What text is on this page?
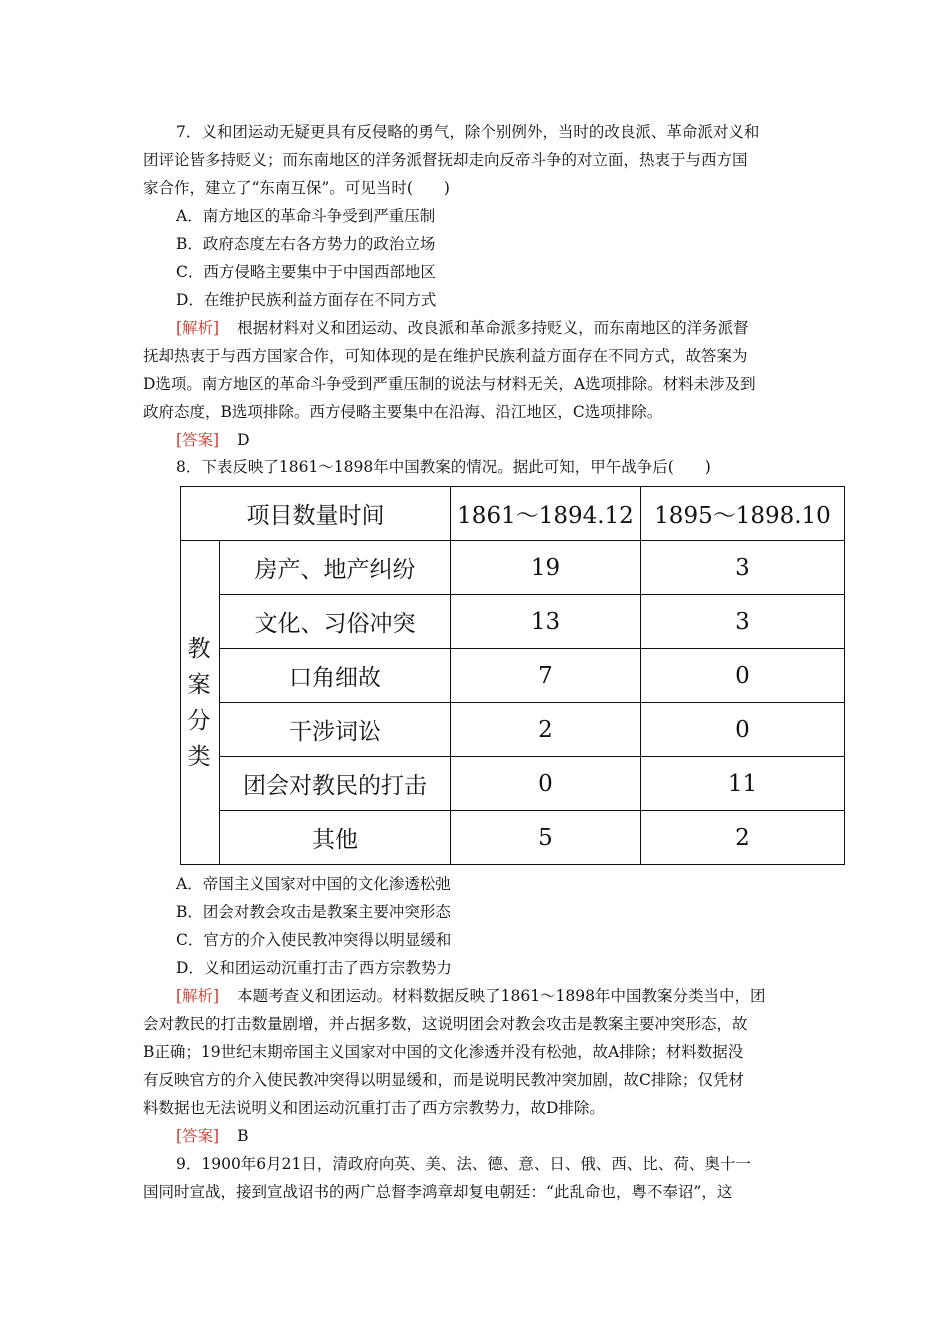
7．义和团运动无疑更具有反侵略的勇气，除个别例外，当时的改良派、革命派对义和
团评论皆多持贬义；而东南地区的洋务派督抚却走向反帝斗争的对立面，热衷于与西方国
家合作，建立了“东南互保”。可见当时(　　)
A．南方地区的革命斗争受到严重压制
B．政府态度左右各方势力的政治立场
C．西方侵略主要集中于中国西部地区
D．在维护民族利益方面存在不同方式
[解析] 根据材料对义和团运动、改良派和革命派多持贬义，而东南地区的洋务派督
抚却热衷于与西方国家合作，可知体现的是在维护民族利益方面存在不同方式，故答案为
D选项。南方地区的革命斗争受到严重压制的说法与材料无关，A选项排除。材料未涉及到
政府态度，B选项排除。西方侵略主要集中在沿海、沿江地区，C选项排除。
[答案] D
8．下表反映了1861～1898年中国教案的情况。据此可知，甲午战争后(　　)
项目数量时间		1861～1894.12	1895～1898.10

教
案
分
类	房产、地产纠纷	19	3
	文化、习俗冲突	13	3
	口角细故	7	0
	干涉词讼	2	0
	团会对教民的打击	0	11
	其他	5	2
A．帝国主义国家对中国的文化渗透松弛
B．团会对教会攻击是教案主要冲突形态
C．官方的介入使民教冲突得以明显缓和
D．义和团运动沉重打击了西方宗教势力
[解析] 本题考查义和团运动。材料数据反映了1861～1898年中国教案分类当中，团
会对教民的打击数量剧增，并占据多数，这说明团会对教会攻击是教案主要冲突形态，故
B正确；19世纪末期帝国主义国家对中国的文化渗透并没有松弛，故A排除；材料数据没
有反映官方的介入使民教冲突得以明显缓和，而是说明民教冲突加剧，故C排除；仅凭材
料数据也无法说明义和团运动沉重打击了西方宗教势力，故D排除。
[答案] B
9．1900年6月21日，清政府向英、美、法、德、意、日、俄、西、比、荷、奥十一
国同时宣战，接到宣战诏书的两广总督李鸿章却复电朝廷：“此乱命也，粤不奉诏”，这
